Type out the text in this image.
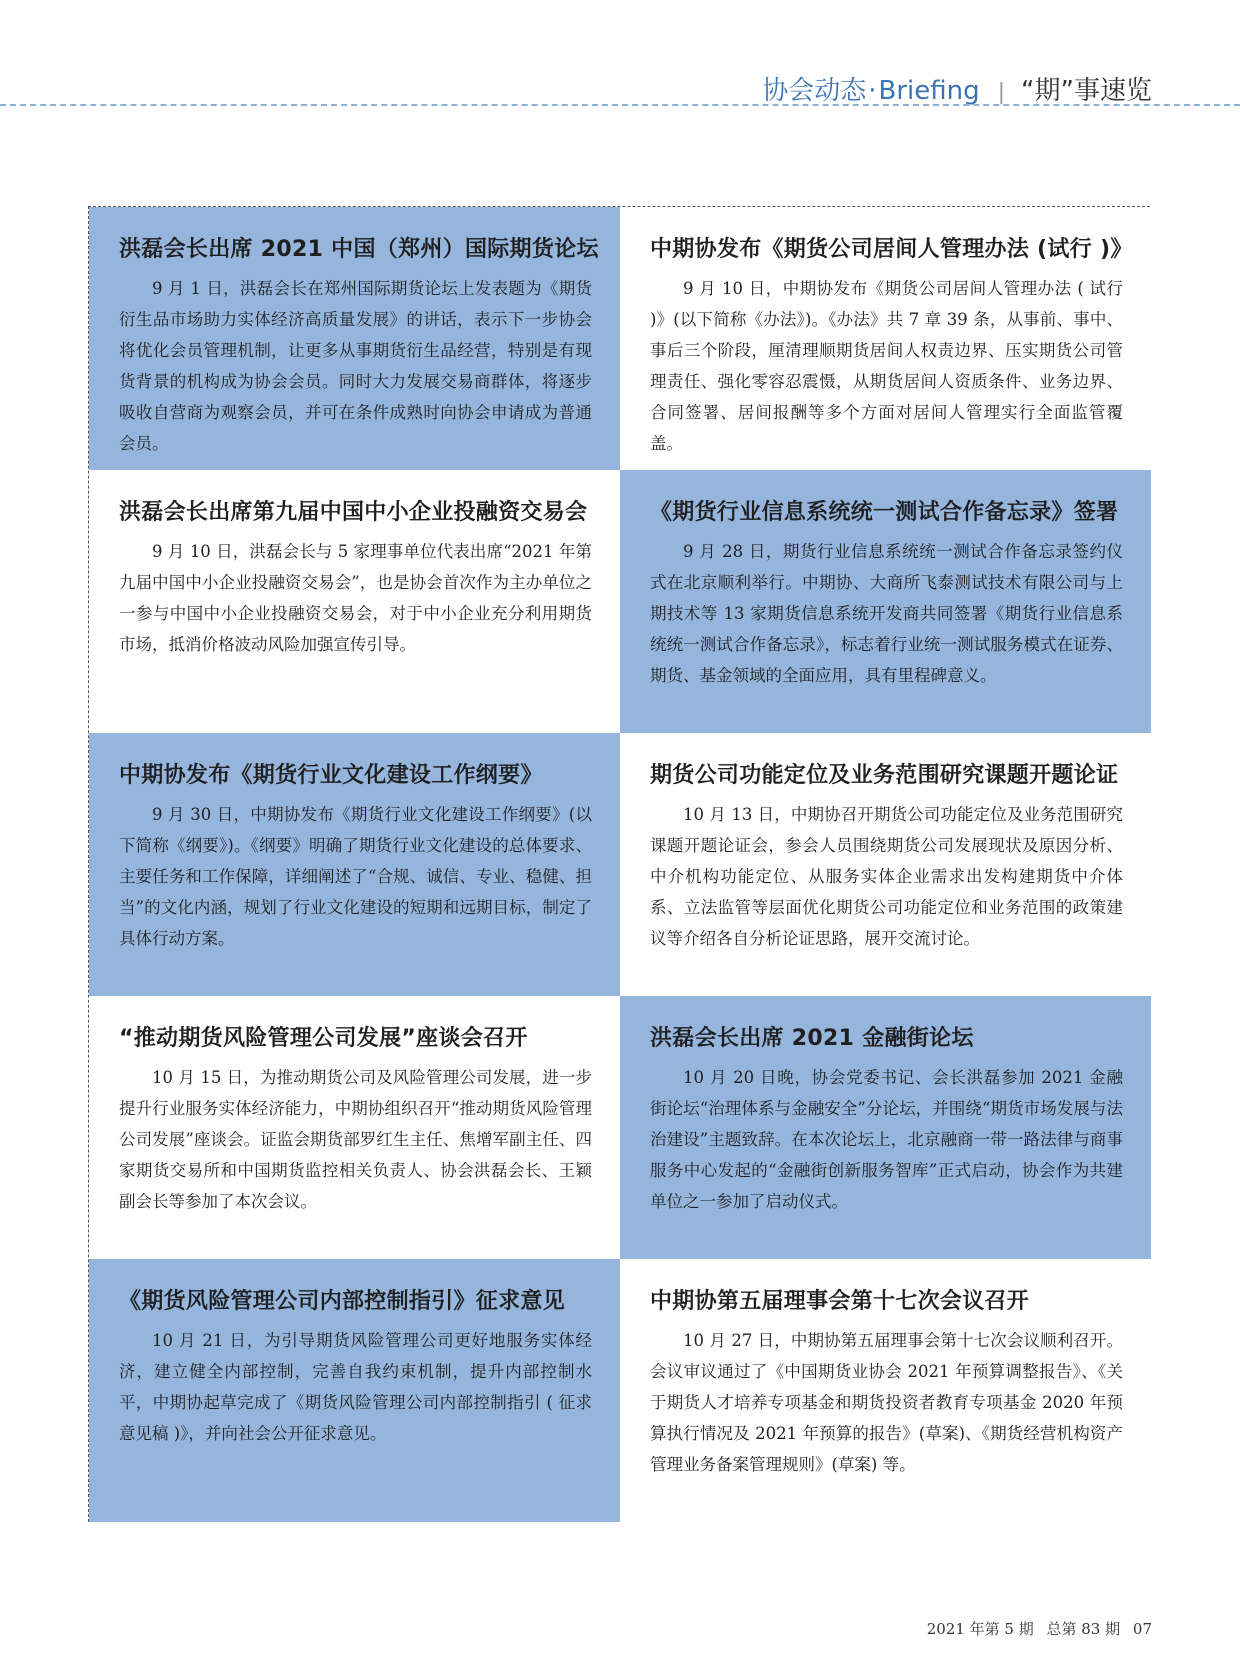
协会动态 · Briefing | “期”事速览
洪磊会长出席 2021 中国（郑州）国际期货论坛

9 月 1 日，洪磊会长在郑州国际期货论坛上发表题为《期货衍生品市场助力实体经济高质量发展》的讲话，表示下一步协会将优化会员管理机制，让更多从事期货衍生品经营，特别是有现货背景的机构成为协会会员。同时大力发展交易商群体，将逐步吸收自营商为观察会员，并可在条件成熟时向协会申请成为普通会员。

中期协发布《期货公司居间人管理办法 (试行 )》

9 月 10 日，中期协发布《期货公司居间人管理办法 ( 试行 )》(以下简称《办法》)。《办法》共 7 章 39 条，从事前、事中、事后三个阶段，厘清理顺期货居间人权责边界、压实期货公司管理责任、强化零容忍震慑，从期货居间人资质条件、业务边界、合同签署、居间报酬等多个方面对居间人管理实行全面监管覆盖。

洪磊会长出席第九届中国中小企业投融资交易会

9 月 10 日，洪磊会长与 5 家理事单位代表出席“2021 年第九届中国中小企业投融资交易会”，也是协会首次作为主办单位之一参与中国中小企业投融资交易会，对于中小企业充分利用期货市场，抵消价格波动风险加强宣传引导。

《期货行业信息系统统一测试合作备忘录》签署

9 月 28 日，期货行业信息系统统一测试合作备忘录签约仪式在北京顺利举行。中期协、大商所飞泰测试技术有限公司与上期技术等 13 家期货信息系统开发商共同签署《期货行业信息系统统一测试合作备忘录》，标志着行业统一测试服务模式在证券、期货、基金领域的全面应用，具有里程碑意义。

中期协发布《期货行业文化建设工作纲要》

9 月 30 日，中期协发布《期货行业文化建设工作纲要》(以下简称《纲要》)。《纲要》明确了期货行业文化建设的总体要求、主要任务和工作保障，详细阐述了“合规、诚信、专业、稳健、担当”的文化内涵，规划了行业文化建设的短期和远期目标，制定了具体行动方案。

期货公司功能定位及业务范围研究课题开题论证

10 月 13 日，中期协召开期货公司功能定位及业务范围研究课题开题论证会，参会人员围绕期货公司发展现状及原因分析、中介机构功能定位、从服务实体企业需求出发构建期货中介体系、立法监管等层面优化期货公司功能定位和业务范围的政策建议等介绍各自分析论证思路，展开交流讨论。

“推动期货风险管理公司发展”座谈会召开

10 月 15 日，为推动期货公司及风险管理公司发展，进一步提升行业服务实体经济能力，中期协组织召开“推动期货风险管理公司发展”座谈会。证监会期货部罗红生主任、焦增军副主任、四家期货交易所和中国期货监控相关负责人、协会洪磊会长、王颖副会长等参加了本次会议。

洪磊会长出席 2021 金融街论坛

10 月 20 日晚，协会党委书记、会长洪磊参加 2021 金融街论坛“治理体系与金融安全”分论坛，并围绕“期货市场发展与法治建设”主题致辞。在本次论坛上，北京融商一带一路法律与商事服务中心发起的“金融街创新服务智库”正式启动，协会作为共建单位之一参加了启动仪式。

《期货风险管理公司内部控制指引》征求意见

10 月 21 日，为引导期货风险管理公司更好地服务实体经济，建立健全内部控制，完善自我约束机制，提升内部控制水平，中期协起草完成了《期货风险管理公司内部控制指引 ( 征求意见稿 )》，并向社会公开征求意见。

中期协第五届理事会第十七次会议召开

10 月 27 日，中期协第五届理事会第十七次会议顺利召开。会议审议通过了《中国期货业协会 2021 年预算调整报告》、《关于期货人才培养专项基金和期货投资者教育专项基金 2020 年预算执行情况及 2021 年预算的报告》(草案)、《期货经营机构资产管理业务备案管理规则》(草案) 等。

2021 年第 5 期 总第 83 期 07
